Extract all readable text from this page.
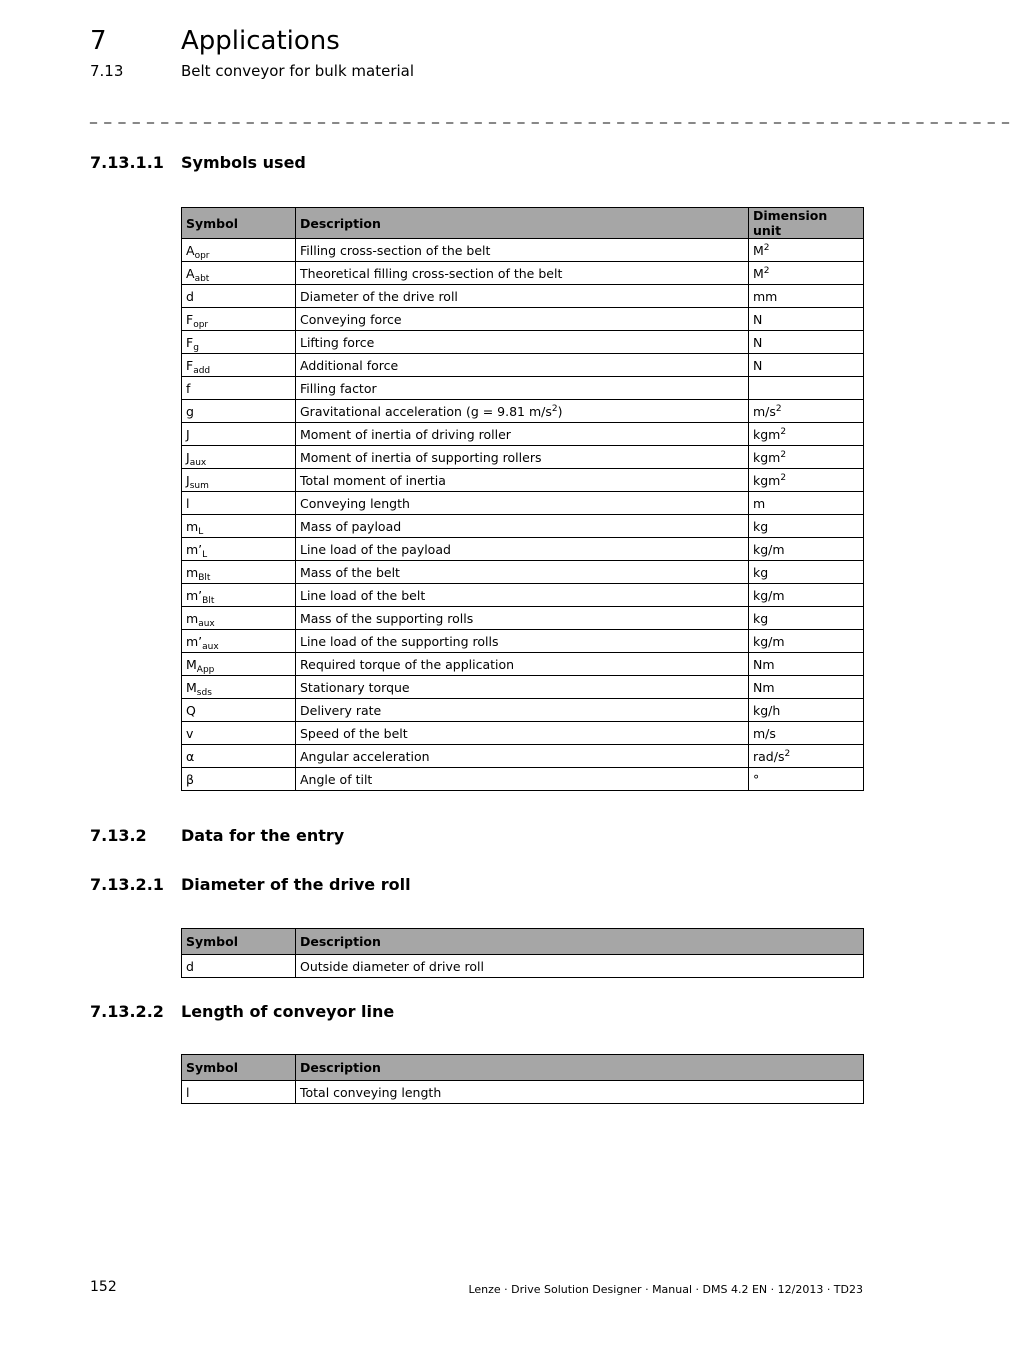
7	Applications
7.13	Belt conveyor for bulk material
_ _ _ _ _ _ _ _ _ _ _ _ _ _ _ _ _ _ _ _ _ _ _ _ _ _ _ _ _ _ _ _ _ _ _ _ _ _ _ _ _ _ _ _ _ _ _ _ _ _ _ _ _ _ _ _ _ _ _ _ _ _ _ _ _
7.13.1.1 Symbols used
Symbol	Description	Dimension unit
$A_{opr}$	Filling cross-section of the belt	$M^2$
$A_{abt}$	Theoretical filling cross-section of the belt	$M^2$
d	Diameter of the drive roll	mm
$F_{opr}$	Conveying force	N
$F_g$	Lifting force	N
$F_{add}$	Additional force	N
f	Filling factor	
g	Gravitational acceleration (g = 9.81 $m/s^2$)	$m/s^2$
J	Moment of inertia of driving roller	kgm$^2$
$J_{aux}$	Moment of inertia of supporting rollers	kgm$^2$
$J_{sum}$	Total moment of inertia	kgm$^2$
l	Conveying length	m
$m_L$	Mass of payload	kg
$m’_L$	Line load of the payload	kg/m
$m_{Blt}$	Mass of the belt	kg
$m’_{Blt}$	Line load of the belt	kg/m
$m_{aux}$	Mass of the supporting rolls	kg
$m’_{aux}$	Line load of the supporting rolls	kg/m
$M_{App}$	Required torque of the application	Nm
$M_{sds}$	Stationary torque	Nm
Q	Delivery rate	kg/h
v	Speed of the belt	m/s
α	Angular acceleration	rad/$s^2$
β	Angle of tilt	°
7.13.2 Data for the entry
7.13.2.1 Diameter of the drive roll
Symbol	Description
d	Outside diameter of drive roll
7.13.2.2 Length of conveyor line
Symbol	Description
l	Total conveying length
152	Lenze · Drive Solution Designer · Manual · DMS 4.2 EN · 12/2013 · TD23
